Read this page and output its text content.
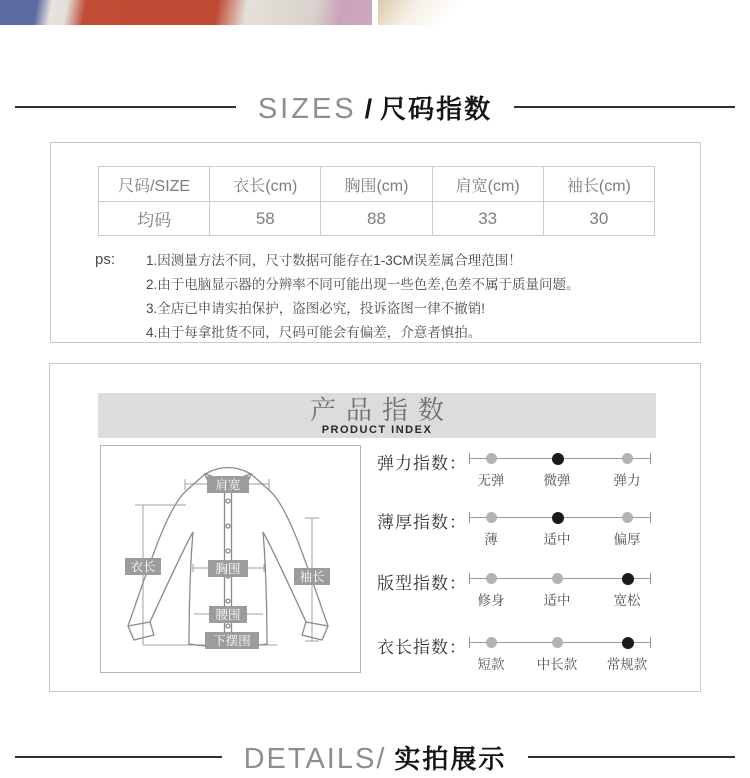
SIZES / 尺码指数
尺码/SIZE	衣长(cm)	胸围(cm)	肩宽(cm)	袖长(cm)
均码	58	88	33	30
ps:	1.因测量方法不同，尺寸数据可能存在1-3CM误差属合理范围！
2.由于电脑显示器的分辨率不同可能出现一些色差,色差不属于质量问题。
3.全店已申请实拍保护，盗图必究，投诉盗图一律不撤销!
4.由于每拿批货不同，尺码可能会有偏差，介意者慎拍。
产品指数
PRODUCT INDEX
肩宽
衣长	胸围
腰围
下摆围
袖长
弹力指数：
无弹	微弹	弹力
薄厚指数：
薄	适中	偏厚
版型指数：
修身	适中	宽松
衣长指数：
短款 中长款 常规款
DETAILS/ 实拍展示
